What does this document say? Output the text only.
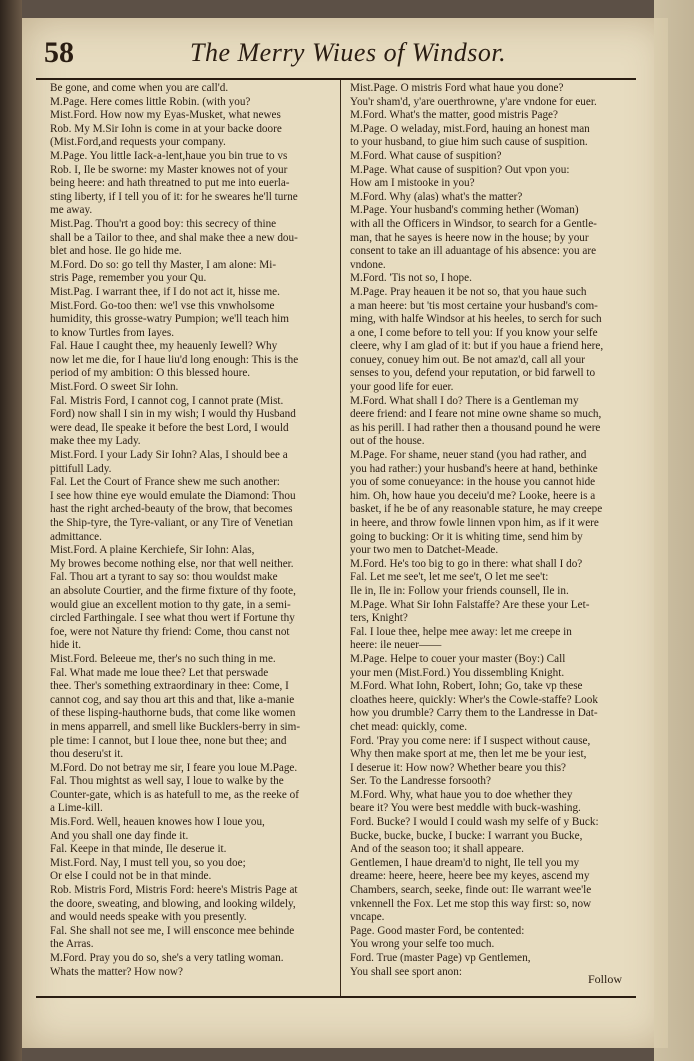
58	The Merry Wiues of Windsor.

Be gone, and come when you are call'd.

M.Page. Here comes little Robin. (with you?

Mist.Ford. How now my Eyas-Musket, what newes

Rob. My M.Sir Iohn is come in at your backe doore

(Mist.Ford,and requests your company.

M.Page. You little Iack-a-lent,haue you bin true to vs

Rob. I, Ile be sworne: my Master knowes not of your

being heere: and hath threatned to put me into euerla-

sting liberty, if I tell you of it: for he sweares he'll turne

me away.

Mist.Pag. Thou'rt a good boy: this secrecy of thine

shall be a Tailor to thee, and shal make thee a new dou-

blet and hose. Ile go hide me.

M.Ford. Do so: go tell thy Master, I am alone: Mi-

stris Page, remember you your Qu.

Mist.Pag. I warrant thee, if I do not act it, hisse me.

Mist.Ford. Go-too then: we'l vse this vnwholsome

humidity, this grosse-watry Pumpion; we'll teach him

to know Turtles from Iayes.

Fal. Haue I caught thee, my heauenly Iewell? Why

now let me die, for I haue liu'd long enough: This is the

period of my ambition: O this blessed houre.

Mist.Ford. O sweet Sir Iohn.

Fal. Mistris Ford, I cannot cog, I cannot prate (Mist.

Ford) now shall I sin in my wish; I would thy Husband

were dead, Ile speake it before the best Lord, I would

make thee my Lady.

Mist.Ford. I your Lady Sir Iohn? Alas, I should bee a

pittifull Lady.

Fal. Let the Court of France shew me such another:

I see how thine eye would emulate the Diamond: Thou

hast the right arched-beauty of the brow, that becomes

the Ship-tyre, the Tyre-valiant, or any Tire of Venetian

admittance.

Mist.Ford. A plaine Kerchiefe, Sir Iohn: Alas,

My browes become nothing else, nor that well neither.

Fal. Thou art a tyrant to say so: thou wouldst make

an absolute Courtier, and the firme fixture of thy foote,

would giue an excellent motion to thy gate, in a semi-

circled Farthingale. I see what thou wert if Fortune thy

foe, were not Nature thy friend: Come, thou canst not

hide it.

Mist.Ford. Beleeue me, ther's no such thing in me.

Fal. What made me loue thee? Let that perswade

thee. Ther's something extraordinary in thee: Come, I

cannot cog, and say thou art this and that, like a-manie

of these lisping-hauthorne buds, that come like women

in mens apparrell, and smell like Bucklers-berry in sim-

ple time: I cannot, but I loue thee, none but thee; and

thou deseru'st it.

M.Ford. Do not betray me sir, I feare you loue M.Page.

Fal. Thou mightst as well say, I loue to walke by the

Counter-gate, which is as hatefull to me, as the reeke of

a Lime-kill.

Mis.Ford. Well, heauen knowes how I loue you,

And you shall one day finde it.

Fal. Keepe in that minde, Ile deserue it.

Mist.Ford. Nay, I must tell you, so you doe;

Or else I could not be in that minde.

Rob. Mistris Ford, Mistris Ford: heere's Mistris Page at

the doore, sweating, and blowing, and looking wildely,

and would needs speake with you presently.

Fal. She shall not see me, I will ensconce mee behinde

the Arras.

M.Ford. Pray you do so, she's a very tatling woman.

Whats the matter? How now?

Mist.Page. O mistris Ford what haue you done?

You'r sham'd, y'are ouerthrowne, y'are vndone for euer.

M.Ford. What's the matter, good mistris Page?

M.Page. O weladay, mist.Ford, hauing an honest man

to your husband, to giue him such cause of suspition.

M.Ford. What cause of suspition?

M.Page. What cause of suspition? Out vpon you:

How am I mistooke in you?

M.Ford. Why (alas) what's the matter?

M.Page. Your husband's comming hether (Woman)

with all the Officers in Windsor, to search for a Gentle-

man, that he sayes is heere now in the house; by your

consent to take an ill aduantage of his absence: you are

vndone.

M.Ford. 'Tis not so, I hope.

M.Page. Pray heauen it be not so, that you haue such

a man heere: but 'tis most certaine your husband's com-

ming, with halfe Windsor at his heeles, to serch for such

a one, I come before to tell you: If you know your selfe

cleere, why I am glad of it: but if you haue a friend here,

conuey, conuey him out. Be not amaz'd, call all your

senses to you, defend your reputation, or bid farwell to

your good life for euer.

M.Ford. What shall I do? There is a Gentleman my

deere friend: and I feare not mine owne shame so much,

as his perill. I had rather then a thousand pound he were

out of the house.

M.Page. For shame, neuer stand (you had rather, and

you had rather:) your husband's heere at hand, bethinke

you of some conueyance: in the house you cannot hide

him. Oh, how haue you deceiu'd me? Looke, heere is a

basket, if he be of any reasonable stature, he may creepe

in heere, and throw fowle linnen vpon him, as if it were

going to bucking: Or it is whiting time, send him by

your two men to Datchet-Meade.

M.Ford. He's too big to go in there: what shall I do?

Fal. Let me see't, let me see't, O let me see't:

Ile in, Ile in: Follow your friends counsell, Ile in.

M.Page. What Sir Iohn Falstaffe? Are these your Let-

ters, Knight?

Fal. I loue thee, helpe mee away: let me creepe in

heere: ile neuer——

M.Page. Helpe to couer your master (Boy:) Call

your men (Mist.Ford.) You dissembling Knight.

M.Ford. What Iohn, Robert, Iohn; Go, take vp these

cloathes heere, quickly: Wher's the Cowle-staffe? Look

how you drumble? Carry them to the Landresse in Dat-

chet mead: quickly, come.

Ford. 'Pray you come nere: if I suspect without cause,

Why then make sport at me, then let me be your iest,

I deserue it: How now? Whether beare you this?

Ser. To the Landresse forsooth?

M.Ford. Why, what haue you to doe whether they

beare it? You were best meddle with buck-washing.

Ford. Bucke? I would I could wash my selfe of y Buck:

Bucke, bucke, bucke, I bucke: I warrant you Bucke,

And of the season too; it shall appeare.

Gentlemen, I haue dream'd to night, Ile tell you my

dreame: heere, heere, heere bee my keyes, ascend my

Chambers, search, seeke, finde out: Ile warrant wee'le

vnkennell the Fox. Let me stop this way first: so, now

vncape.

Page. Good master Ford, be contented:

You wrong your selfe too much.

Ford. True (master Page) vp Gentlemen,

You shall see sport anon:

Follow
